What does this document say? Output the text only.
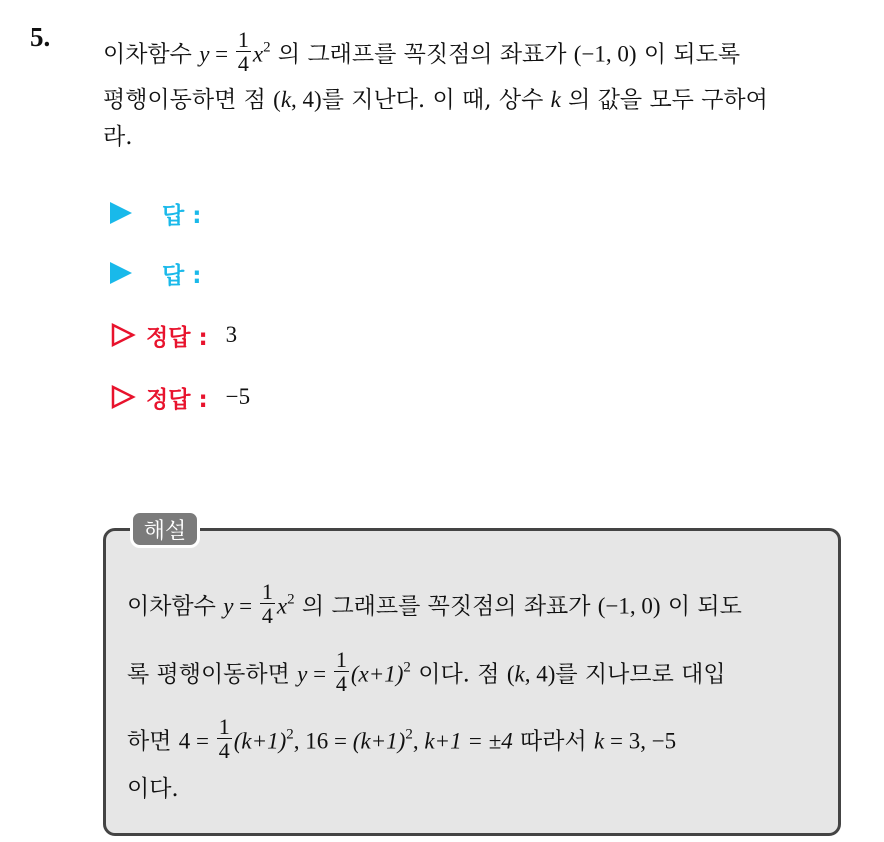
5.
이차함수 $y = \frac{1}{4} x^2$ 의 그래프를 꼭짓점의 좌표가 (−1, 0) 이 되도록
평행이동하면 점 (k, 4)를 지난다. 이 때, 상수 k 의 값을 모두 구하여
라.
답 :
답 :
정답 : 3
정답 : −5
해설
이차함수 $y = \frac{1}{4} x^2$ 의 그래프를 꼭짓점의 좌표가 (−1, 0) 이 되도
록 평행이동하면 $y = \frac{1}{4} (x+1)^2$ 이다. 점 (k, 4)를 지나므로 대입
하면 $4 = \frac{1}{4} (k+1)^2$, $16 = (k+1)^2$, k+1 = ±4 따라서 k = 3, −5
이다.
